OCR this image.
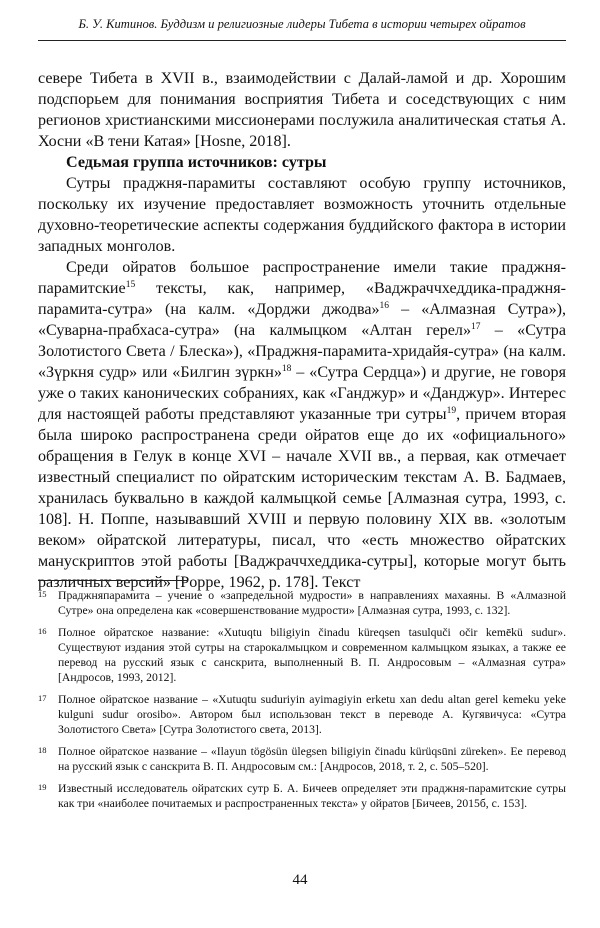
Б. У. Китинов. Буддизм и религиозные лидеры Тибета в истории четырех ойратов

севере Тибета в XVII в., взаимодействии с Далай-ламой и др. Хорошим подспорьем для понимания восприятия Тибета и соседствующих с ним регионов христианскими миссионерами послужила аналитическая статья А. Хосни «В тени Катая» [Hosne, 2018].

Седьмая группа источников: сутры

Сутры праджня-парамиты составляют особую группу источников, поскольку их изучение предоставляет возможность уточнить отдельные духовно-теоретические аспекты содержания буддийского фактора в истории западных монголов.

Среди ойратов большое распространение имели такие праджня-парамитские$^{15}$ тексты, как, например, «Ваджраччхеддика-праджня-парамита-сутра» (на калм. «Дорджи джодва»$^{16}$ – «Алмазная Сутра»), «Суварна-прабхаса-сутра» (на калмыцком «Алтан герел»$^{17}$ – «Сутра Золотистого Света / Блеска»), «Праджня-парамита-хридайя-сутра» (на калм. «Зүркня судр» или «Билгин зүркн»$^{18}$ – «Сутра Сердца») и другие, не говоря уже о таких канонических собраниях, как «Ганджур» и «Данджур». Интерес для настоящей работы представляют указанные три сутры$^{19}$, причем вторая была широко распространена среди ойратов еще до их «официального» обращения в Гелук в конце XVI – начале XVII вв., а первая, как отмечает известный специалист по ойратским историческим текстам А. В. Бадмаев, хранилась буквально в каждой калмыцкой семье [Алмазная сутра, 1993, с. 108]. Н. Поппе, называвший XVIII и первую половину XIX вв. «золотым веком» ойратской литературы, писал, что «есть множество ойратских манускриптов этой работы [Ваджраччхеддика-сутры], которые могут быть различных версий» [Poppe, 1962, p. 178]. Текст

15 Праджняпарамита – учение о «запредельной мудрости» в направлениях махаяны. В «Алмазной Сутре» она определена как «совершенствование мудрости» [Алмазная сутра, 1993, с. 132].
16 Полное ойратское название: «Xutuqtu biligiyin činadu küreqsen tasulquči očir kemēkü sudur». Существуют издания этой сутры на старокалмыцком и современном калмыцком языках, а также ее перевод на русский язык с санскрита, выполненный В. П. Андросовым – «Алмазная сутра» [Андросов, 1993, 2012].
17 Полное ойратское название – «Xutuqtu suduriyin ayimagiyin erketu xan dedu altan gerel kemeku yeke kulguni sudur orosibo». Автором был использован текст в переводе А. Кугявичуса: «Сутра Золотистого Света» [Сутра Золотистого света, 2013].
18 Полное ойратское название – «Ilayun tögösün ülegsen biligiyin činadu kürüqsūni züreken». Ее перевод на русский язык с санскрита В. П. Андросовым см.: [Андросов, 2018, т. 2, с. 505–520].
19 Известный исследователь ойратских сутр Б. А. Бичеев определяет эти праджня-парамитские сутры как три «наиболее почитаемых и распространенных текста» у ойратов [Бичеев, 2015б, с. 153].
44
